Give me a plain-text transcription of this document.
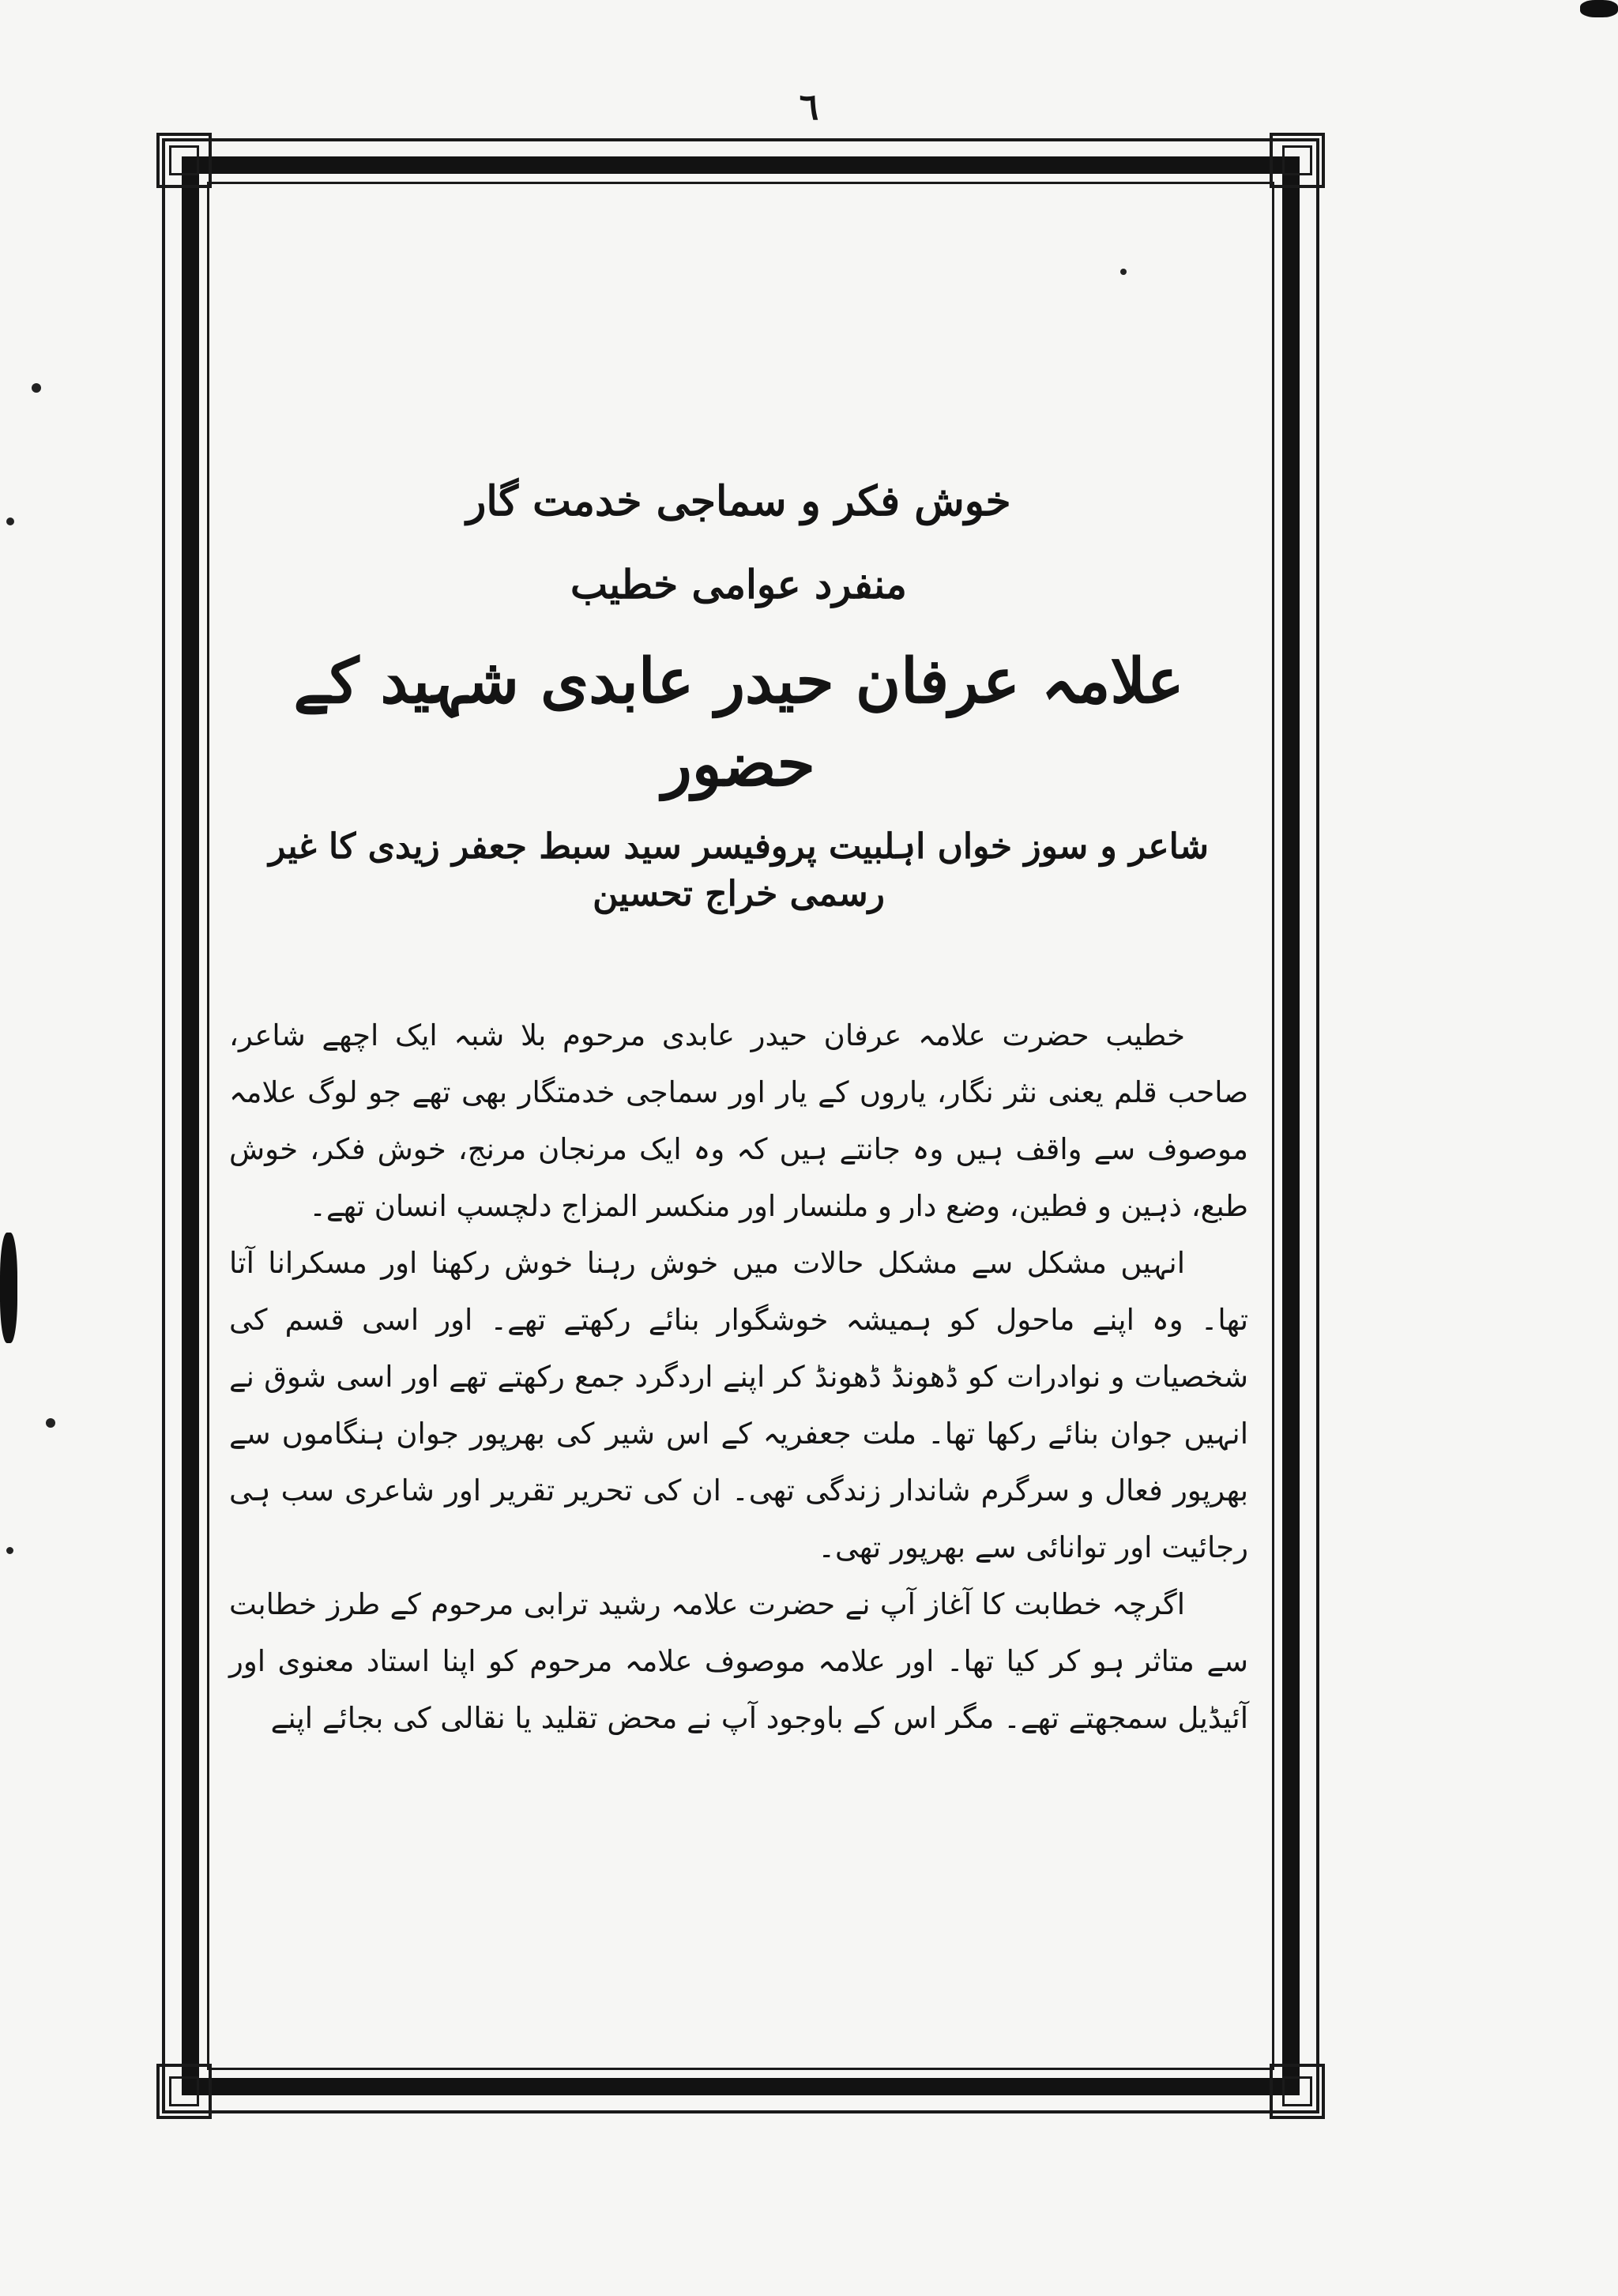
٦

خوش فکر و سماجی خدمت گار

منفرد عوامی خطیب

علامہ عرفان حیدر عابدی شہید کے حضور

شاعر و سوز خواں اہلبیت پروفیسر سید سبط جعفر زیدی کا غیر رسمی خراج تحسین

خطیب حضرت علامہ عرفان حیدر عابدی مرحوم بلا شبہ ایک اچھے شاعر، صاحب قلم یعنی نثر نگار، یاروں کے یار اور سماجی خدمتگار بھی تھے جو لوگ علامہ موصوف سے واقف ہیں وہ جانتے ہیں کہ وہ ایک مرنجان مرنج، خوش فکر، خوش طبع، ذہین و فطین، وضع دار و ملنسار اور منکسر المزاج دلچسپ انسان تھے۔

انہیں مشکل سے مشکل حالات میں خوش رہنا خوش رکھنا اور مسکرانا آتا تھا۔ وہ اپنے ماحول کو ہمیشہ خوشگوار بنائے رکھتے تھے۔ اور اسی قسم کی شخصیات و نوادرات کو ڈھونڈ ڈھونڈ کر اپنے اردگرد جمع رکھتے تھے اور اسی شوق نے انہیں جوان بنائے رکھا تھا۔ ملت جعفریہ کے اس شیر کی بھرپور جوان ہنگاموں سے بھرپور فعال و سرگرم شاندار زندگی تھی۔ ان کی تحریر تقریر اور شاعری سب ہی رجائیت اور توانائی سے بھرپور تھی۔

اگرچہ خطابت کا آغاز آپ نے حضرت علامہ رشید ترابی مرحوم کے طرز خطابت سے متاثر ہو کر کیا تھا۔ اور علامہ موصوف علامہ مرحوم کو اپنا استاد معنوی اور آئیڈیل سمجھتے تھے۔ مگر اس کے باوجود آپ نے محض تقلید یا نقالی کی بجائے اپنے
